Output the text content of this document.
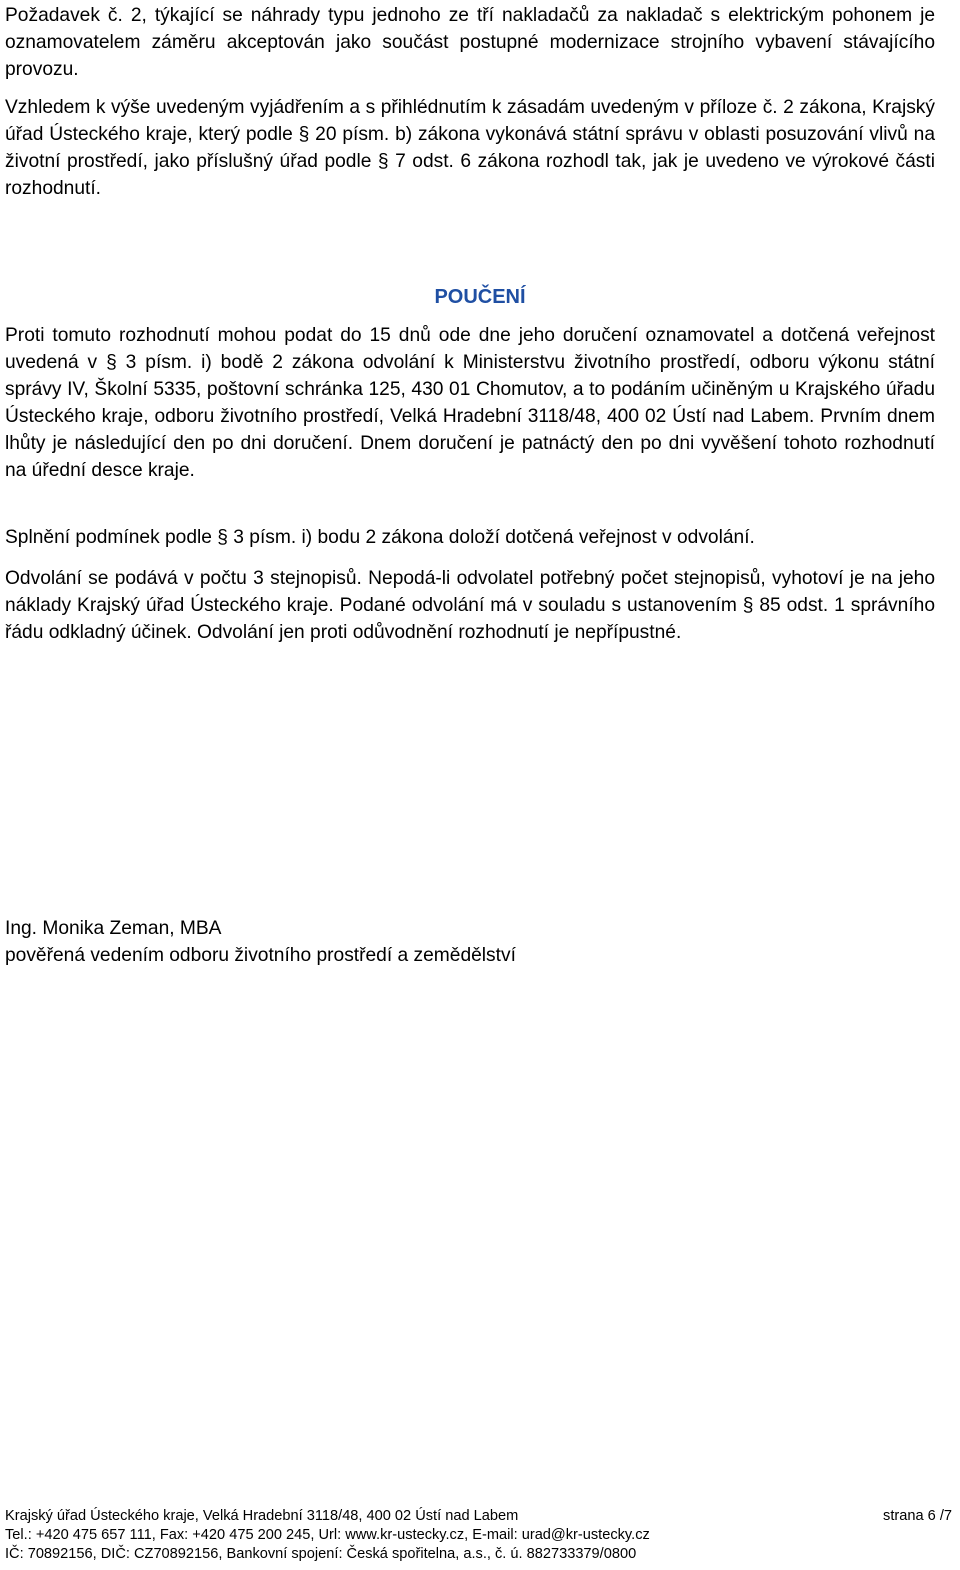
Požadavek č. 2, týkající se náhrady typu jednoho ze tří nakladačů za nakladač s elektrickým pohonem je oznamovatelem záměru akceptován jako součást postupné modernizace strojního vybavení stávajícího provozu.

Vzhledem k výše uvedeným vyjádřením a s přihlédnutím k zásadám uvedeným v příloze č. 2 zákona, Krajský úřad Ústeckého kraje, který podle § 20 písm. b) zákona vykonává státní správu v oblasti posuzování vlivů na životní prostředí, jako příslušný úřad podle § 7 odst. 6 zákona rozhodl tak, jak je uvedeno ve výrokové části rozhodnutí.

POUČENÍ

Proti tomuto rozhodnutí mohou podat do 15 dnů ode dne jeho doručení oznamovatel a dotčená veřejnost uvedená v § 3 písm. i) bodě 2 zákona odvolání k Ministerstvu životního prostředí, odboru výkonu státní správy IV, Školní 5335, poštovní schránka 125, 430 01 Chomutov, a to podáním učiněným u Krajského úřadu Ústeckého kraje, odboru životního prostředí, Velká Hradební 3118/48, 400 02 Ústí nad Labem. Prvním dnem lhůty je následující den po dni doručení. Dnem doručení je patnáctý den po dni vyvěšení tohoto rozhodnutí na úřední desce kraje.

Splnění podmínek podle § 3 písm. i) bodu 2 zákona doloží dotčená veřejnost v odvolání.

Odvolání se podává v počtu 3 stejnopisů. Nepodá-li odvolatel potřebný počet stejnopisů, vyhotoví je na jeho náklady Krajský úřad Ústeckého kraje. Podané odvolání má v souladu s ustanovením § 85 odst. 1 správního řádu odkladný účinek. Odvolání jen proti odůvodnění rozhodnutí je nepřípustné.

Ing. Monika Zeman, MBA

pověřená vedením odboru životního prostředí a zemědělství

Krajský úřad Ústeckého kraje, Velká Hradební 3118/48, 400 02 Ústí nad Labem	strana 6 /7

Tel.: +420 475 657 111, Fax: +420 475 200 245, Url: www.kr-ustecky.cz, E-mail: urad@kr-ustecky.cz

IČ: 70892156, DIČ: CZ70892156, Bankovní spojení: Česká spořitelna, a.s., č. ú. 882733379/0800
